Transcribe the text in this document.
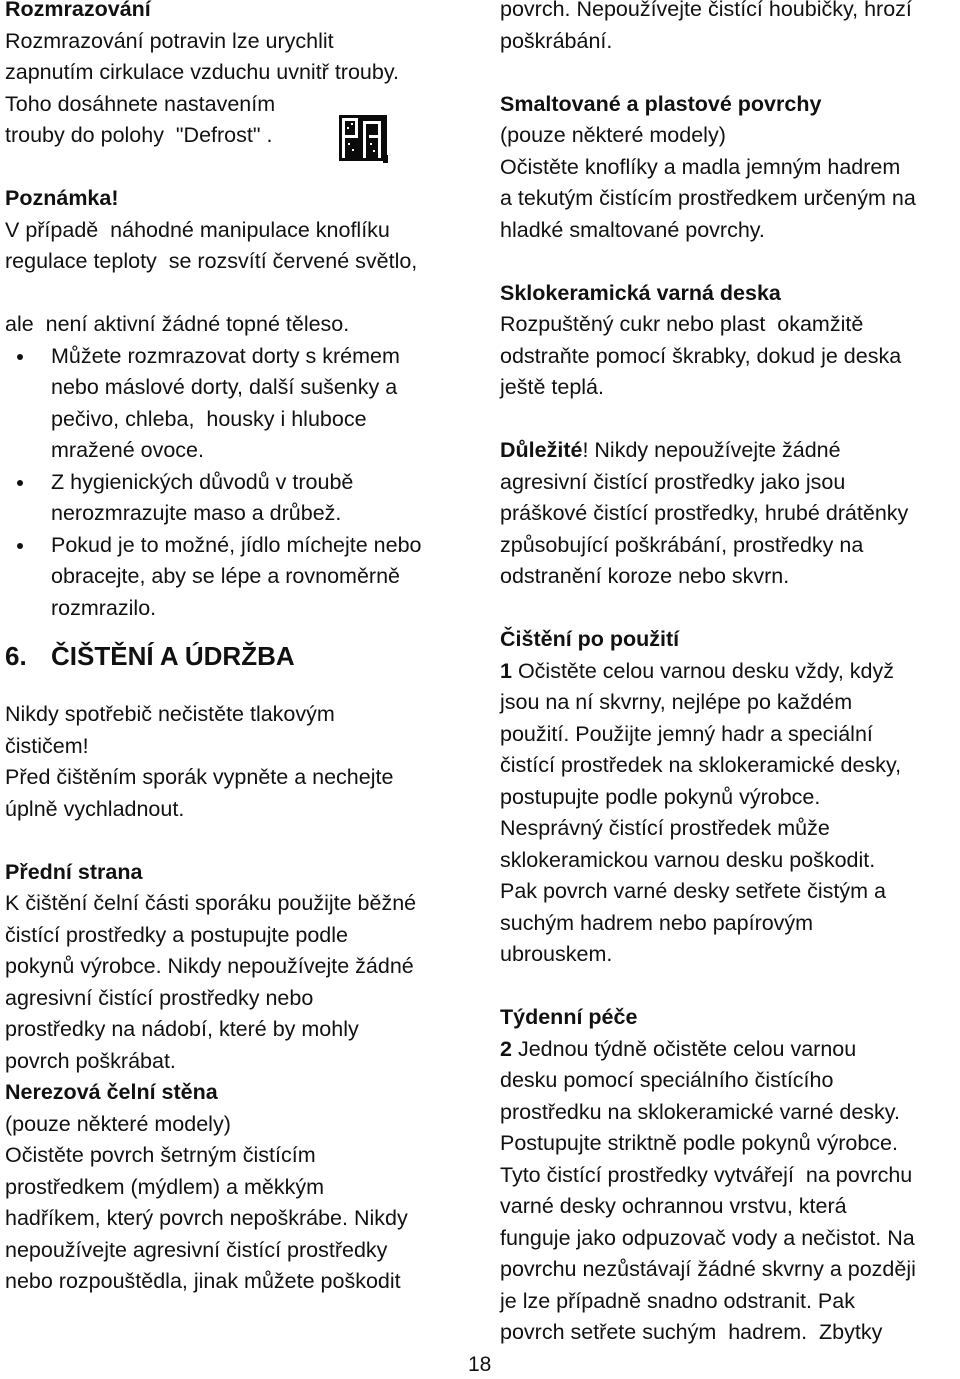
Rozmrazování

Rozmrazování potravin lze urychlit

zapnutím cirkulace vzduchu uvnitř trouby.

Toho dosáhnete nastavením

trouby do polohy  "Defrost" .

Poznámka!

V případě  náhodné manipulace knoflíku

regulace teploty  se rozsvítí červené světlo,

ale  není aktivní žádné topné těleso.

Můžete rozmrazovat dorty s krémem
nebo máslové dorty, další sušenky a
pečivo, chleba,  housky i hluboce
mražené ovoce.
Z hygienických důvodů v troubě
nerozmrazujte maso a drůbež.
Pokud je to možné, jídlo míchejte nebo
obracejte, aby se lépe a rovnoměrně
rozmrazilo.
6. ČIŠTĚNÍ A ÚDRŽBA

Nikdy spotřebič nečistěte tlakovým

čističem!

Před čištěním sporák vypněte a nechejte

úplně vychladnout.

Přední strana

K čištění čelní části sporáku použijte běžné

čistící prostředky a postupujte podle

pokynů výrobce. Nikdy nepoužívejte žádné

agresivní čistící prostředky nebo

prostředky na nádobí, které by mohly

povrch poškrábat.

Nerezová čelní stěna

(pouze některé modely)

Očistěte povrch šetrným čistícím

prostředkem (mýdlem) a měkkým

hadříkem, který povrch nepoškrábe. Nikdy

nepoužívejte agresivní čistící prostředky

nebo rozpouštědla, jinak můžete poškodit

povrch. Nepoužívejte čistící houbičky, hrozí

poškrábání.

Smaltované a plastové povrchy

(pouze některé modely)

Očistěte knoflíky a madla jemným hadrem

a tekutým čistícím prostředkem určeným na

hladké smaltované povrchy.

Sklokeramická varná deska

Rozpuštěný cukr nebo plast  okamžitě

odstraňte pomocí škrabky, dokud je deska

ještě teplá.

Důležité! Nikdy nepoužívejte žádné

agresivní čistící prostředky jako jsou

práškové čistící prostředky, hrubé drátěnky

způsobující poškrábání, prostředky na

odstranění koroze nebo skvrn.

Čištění po použití

1 Očistěte celou varnou desku vždy, když

jsou na ní skvrny, nejlépe po každém

použití. Použijte jemný hadr a speciální

čistící prostředek na sklokeramické desky,

postupujte podle pokynů výrobce.

Nesprávný čistící prostředek může

sklokeramickou varnou desku poškodit.

Pak povrch varné desky setřete čistým a

suchým hadrem nebo papírovým

ubrouskem.

Týdenní péče

2 Jednou týdně očistěte celou varnou

desku pomocí speciálního čistícího

prostředku na sklokeramické varné desky.

Postupujte striktně podle pokynů výrobce.

Tyto čistící prostředky vytvářejí  na povrchu

varné desky ochrannou vrstvu, která

funguje jako odpuzovač vody a nečistot. Na

povrchu nezůstávají žádné skvrny a později

je lze případně snadno odstranit. Pak

povrch setřete suchým  hadrem.  Zbytky

18
